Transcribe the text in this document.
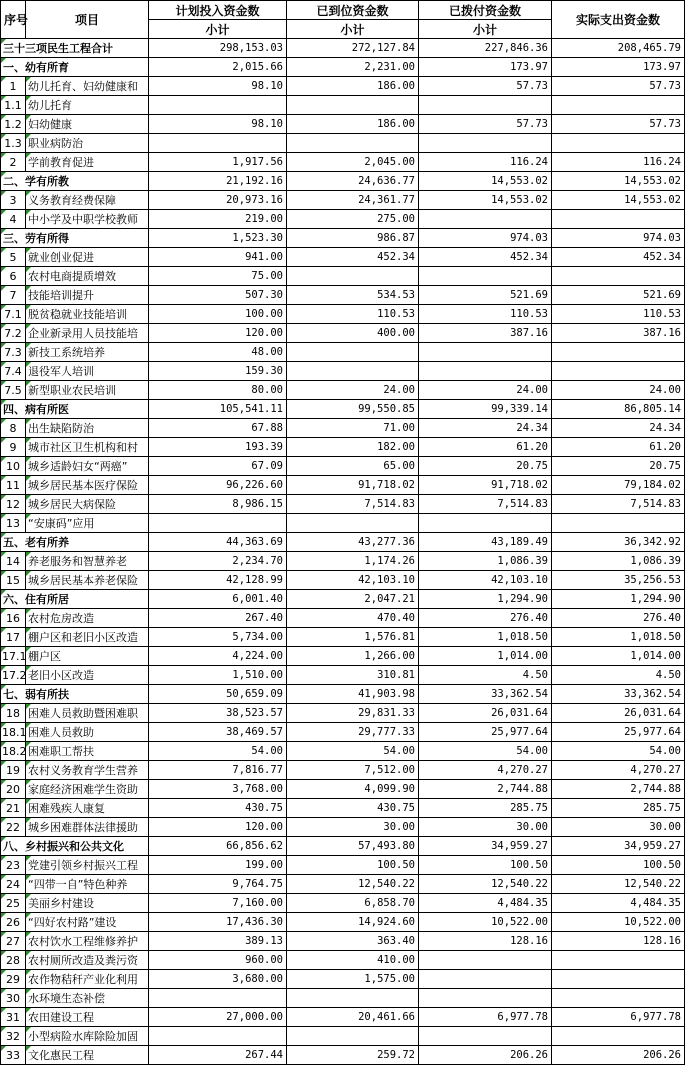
序号	项目	计划投入资金数	已到位资金数	已拨付资金数	实际支出资金数
		小计	小计	小计	

三十三项民生工程合计		298,153.03	272,127.84	227,846.36	208,465.79

一、幼有所育		2,015.66	2,231.00	173.97	173.97

1	幼儿托育、妇幼健康和	98.10	186.00	57.73	57.73

1.1	幼儿托育				

1.2	妇幼健康	98.10	186.00	57.73	57.73

1.3	职业病防治				

2	学前教育促进	1,917.56	2,045.00	116.24	116.24

二、学有所教		21,192.16	24,636.77	14,553.02	14,553.02

3	义务教育经费保障	20,973.16	24,361.77	14,553.02	14,553.02

4	中小学及中职学校教师	219.00	275.00		

三、劳有所得		1,523.30	986.87	974.03	974.03

5	就业创业促进	941.00	452.34	452.34	452.34

6	农村电商提质增效	75.00			

7	技能培训提升	507.30	534.53	521.69	521.69

7.1	脱贫稳就业技能培训	100.00	110.53	110.53	110.53

7.2	企业新录用人员技能培	120.00	400.00	387.16	387.16

7.3	新技工系统培养	48.00			

7.4	退役军人培训	159.30			

7.5	新型职业农民培训	80.00	24.00	24.00	24.00

四、病有所医		105,541.11	99,550.85	99,339.14	86,805.14

8	出生缺陷防治	67.88	71.00	24.34	24.34

9	城市社区卫生机构和村	193.39	182.00	61.20	61.20

10	城乡适龄妇女“两癌”	67.09	65.00	20.75	20.75

11	城乡居民基本医疗保险	96,226.60	91,718.02	91,718.02	79,184.02

12	城乡居民大病保险	8,986.15	7,514.83	7,514.83	7,514.83

13	“安康码”应用				

五、老有所养		44,363.69	43,277.36	43,189.49	36,342.92

14	养老服务和智慧养老	2,234.70	1,174.26	1,086.39	1,086.39

15	城乡居民基本养老保险	42,128.99	42,103.10	42,103.10	35,256.53

六、住有所居		6,001.40	2,047.21	1,294.90	1,294.90

16	农村危房改造	267.40	470.40	276.40	276.40

17	棚户区和老旧小区改造	5,734.00	1,576.81	1,018.50	1,018.50

17.1	棚户区	4,224.00	1,266.00	1,014.00	1,014.00

17.2	老旧小区改造	1,510.00	310.81	4.50	4.50

七、弱有所扶		50,659.09	41,903.98	33,362.54	33,362.54

18	困难人员救助暨困难职	38,523.57	29,831.33	26,031.64	26,031.64

18.1	困难人员救助	38,469.57	29,777.33	25,977.64	25,977.64

18.2	困难职工帮扶	54.00	54.00	54.00	54.00

19	农村义务教育学生营养	7,816.77	7,512.00	4,270.27	4,270.27

20	家庭经济困难学生资助	3,768.00	4,099.90	2,744.88	2,744.88

21	困难残疾人康复	430.75	430.75	285.75	285.75

22	城乡困难群体法律援助	120.00	30.00	30.00	30.00

八、乡村振兴和公共文化		66,856.62	57,493.80	34,959.27	34,959.27

23	党建引领乡村振兴工程	199.00	100.50	100.50	100.50

24	“四带一自”特色种养	9,764.75	12,540.22	12,540.22	12,540.22

25	美丽乡村建设	7,160.00	6,858.70	4,484.35	4,484.35

26	“四好农村路”建设	17,436.30	14,924.60	10,522.00	10,522.00

27	农村饮水工程维修养护	389.13	363.40	128.16	128.16

28	农村厕所改造及粪污资	960.00	410.00		

29	农作物秸秆产业化利用	3,680.00	1,575.00		

30	水环境生态补偿				

31	农田建设工程	27,000.00	20,461.66	6,977.78	6,977.78

32	小型病险水库除险加固				

33	文化惠民工程	267.44	259.72	206.26	206.26
